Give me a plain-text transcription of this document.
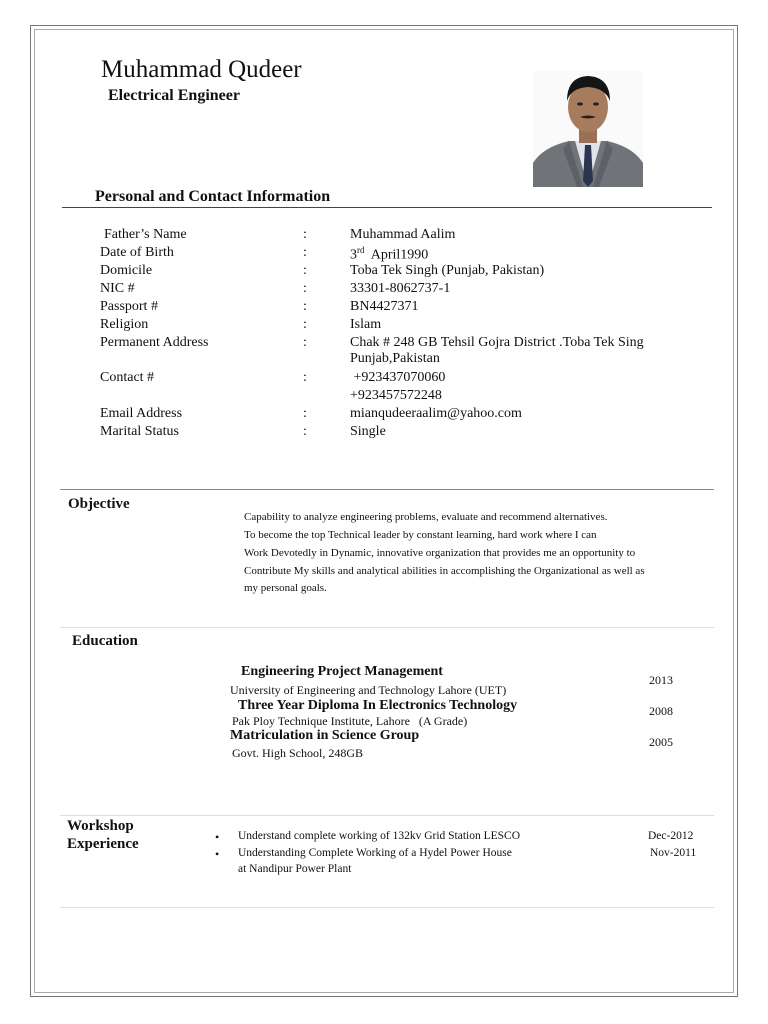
Muhammad Qudeer
Electrical Engineer
Personal and Contact Information
Father’s Name	:	Muhammad Aalim
Date of Birth	:	3rd  April1990
Domicile	:	Toba Tek Singh (Punjab, Pakistan)
NIC #	:	33301-8062737-1
Passport #	:	BN4427371
Religion	:	Islam
Permanent Address	:	Chak # 248 GB Tehsil Gojra District .Toba Tek Sing
Punjab,Pakistan
Contact #	:	+923437070060
+923457572248
Email Address	:	mianqudeeraalim@yahoo.com
Marital Status	:	Single
Objective
Capability to analyze engineering problems, evaluate and recommend alternatives.
To become the top Technical leader by constant learning, hard work where I can
Work Devotedly in Dynamic, innovative organization that provides me an opportunity to
Contribute My skills and analytical abilities in accomplishing the Organizational as well as
my personal goals.
Education
Engineering Project Management
University of Engineering and Technology Lahore (UET)
2013
Three Year Diploma In Electronics Technology
Pak Ploy Technique Institute, Lahore   (A Grade)
2008
Matriculation in Science Group
Govt. High School, 248GB
2005
Workshop
Experience	• Understand complete working of 132kv Grid Station LESCO	Dec-2012
• Understanding Complete Working of a Hydel Power House
at Nandipur Power Plant
Nov-2011
